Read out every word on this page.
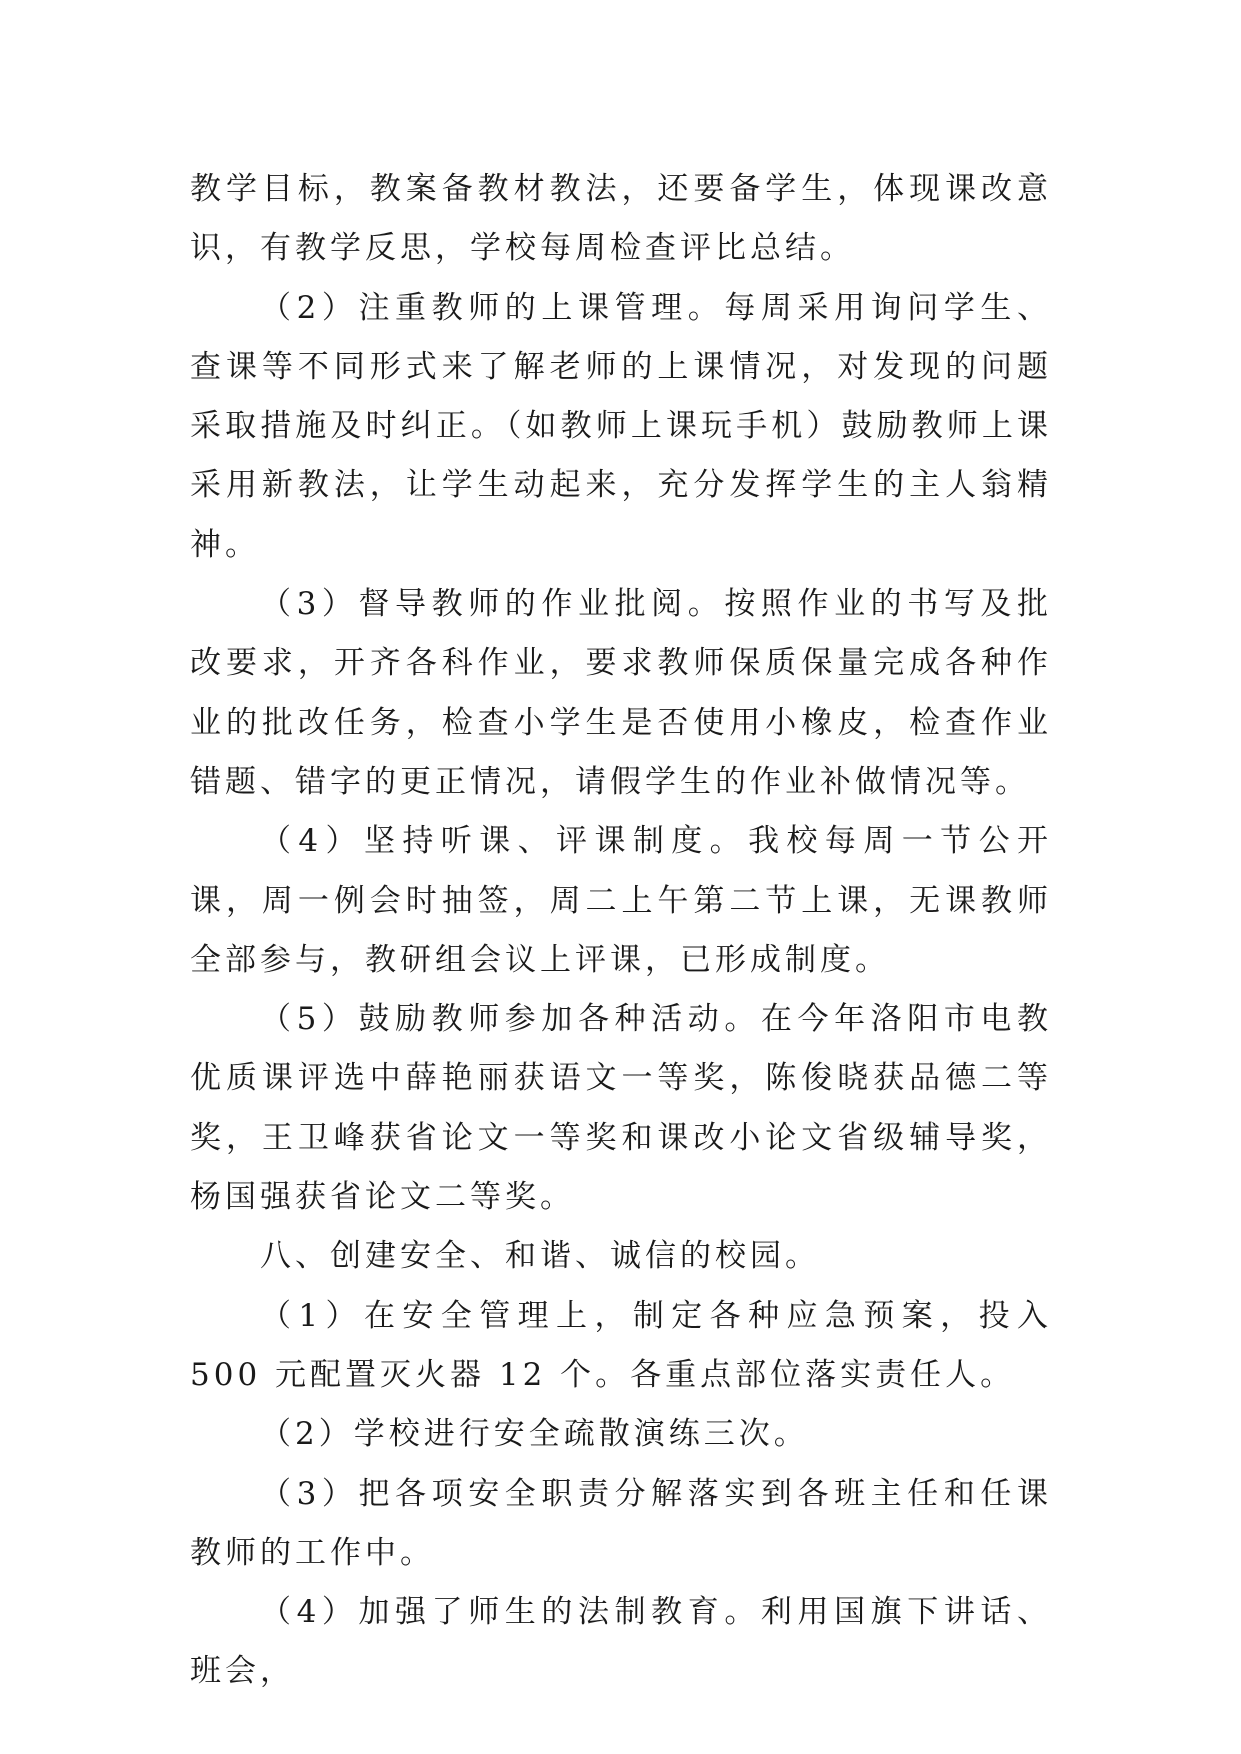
教学目标，教案备教材教法，还要备学生，体现课改意识，有教学反思，学校每周检查评比总结。

（2）注重教师的上课管理。每周采用询问学生、查课等不同形式来了解老师的上课情况，对发现的问题采取措施及时纠正。（如教师上课玩手机）鼓励教师上课采用新教法，让学生动起来，充分发挥学生的主人翁精神。

（3）督导教师的作业批阅。按照作业的书写及批改要求，开齐各科作业，要求教师保质保量完成各种作业的批改任务，检查小学生是否使用小橡皮，检查作业错题、错字的更正情况，请假学生的作业补做情况等。

（4）坚持听课、评课制度。我校每周一节公开课，周一例会时抽签，周二上午第二节上课，无课教师全部参与，教研组会议上评课，已形成制度。

（5）鼓励教师参加各种活动。在今年洛阳市电教优质课评选中薛艳丽获语文一等奖，陈俊晓获品德二等奖，王卫峰获省论文一等奖和课改小论文省级辅导奖，杨国强获省论文二等奖。

八、创建安全、和谐、诚信的校园。

（1）在安全管理上，制定各种应急预案，投入 500 元配置灭火器 12 个。各重点部位落实责任人。

（2）学校进行安全疏散演练三次。

（3）把各项安全职责分解落实到各班主任和任课教师的工作中。

（4）加强了师生的法制教育。利用国旗下讲话、班会，
